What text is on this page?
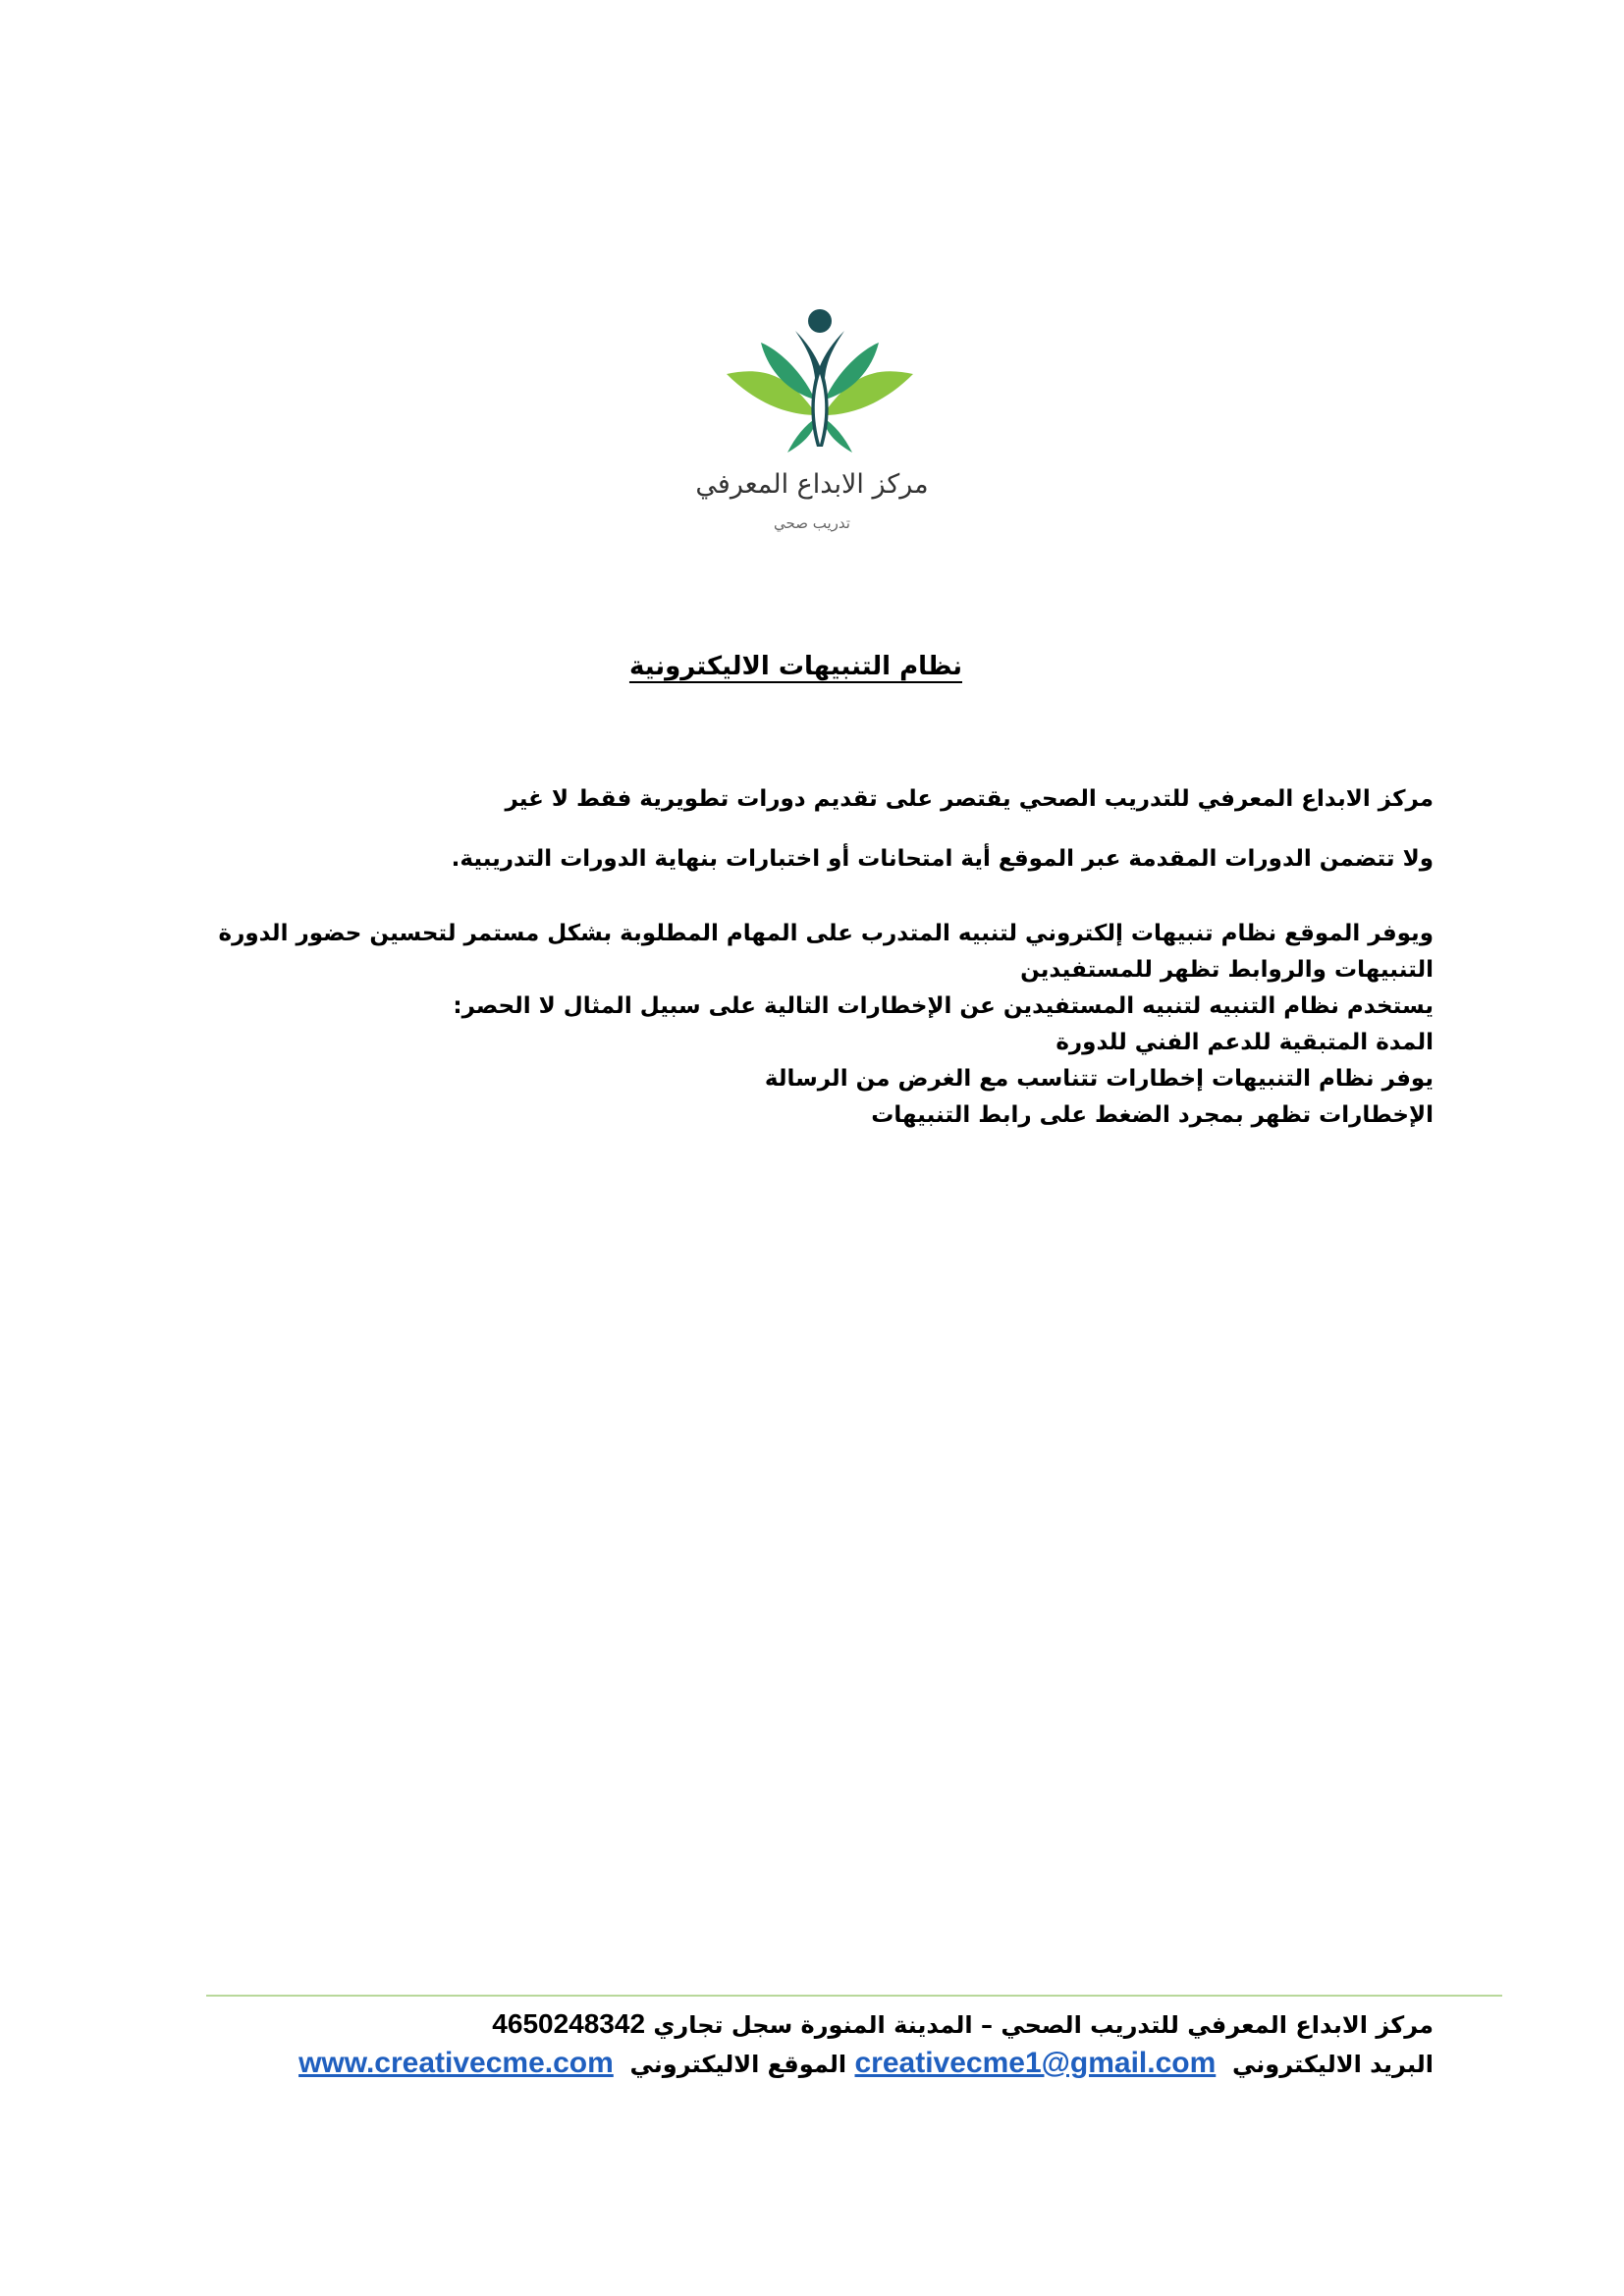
مركز الابداع المعرفي
تدريب صحي
نظام التنبيهات الاليكترونية
مركز الابداع المعرفي للتدريب الصحي يقتصر على تقديم دورات تطويرية فقط لا غير
ولا تتضمن الدورات المقدمة عبر الموقع أية امتحانات أو اختبارات بنهاية الدورات التدريبية.
ويوفر الموقع نظام تنبيهات إلكتروني لتنبيه المتدرب على المهام المطلوبة بشكل مستمر لتحسين حضور الدورة
التنبيهات والروابط تظهر للمستفيدين
يستخدم نظام التنبيه لتنبيه المستفيدين عن الإخطارات التالية على سبيل المثال لا الحصر:
المدة المتبقية للدعم الفني للدورة
يوفر نظام التنبيهات إخطارات تتناسب مع الغرض من الرسالة
الإخطارات تظهر بمجرد الضغط على رابط التنبيهات
مركز الابداع المعرفي للتدريب الصحي – المدينة المنورة سجل تجاري 4650248342
البريد الاليكتروني  creativecme1@gmail.com الموقع الاليكتروني  www.creativecme.com
